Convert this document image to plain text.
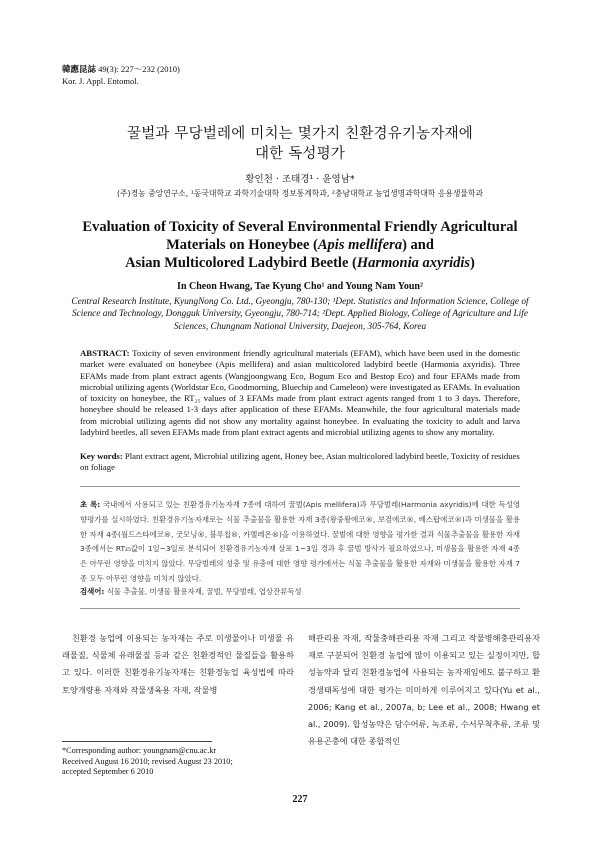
韓應昆誌 49(3): 227～232 (2010)
Kor. J. Appl. Entomol.
꿀벌과 무당벌레에 미치는 몇가지 친환경유기농자재에
대한 독성평가
황인천 · 조태경¹ · 윤영남*
(주)경농 중앙연구소, ¹동국대학교 과학기술대학 정보통계학과, ²충남대학교 농업생명과학대학 응용생물학과
Evaluation of Toxicity of Several Environmental Friendly Agricultural
Materials on Honeybee (Apis mellifera) and
Asian Multicolored Ladybird Beetle (Harmonia axyridis)
In Cheon Hwang, Tae Kyung Cho¹ and Young Nam Youn²
Central Research Institute, KyungNong Co. Ltd., Gyeongju, 780-130; ¹Dept. Statistics and Information Science, College of Science and Technology, Dongguk University, Gyeongju, 780-714; ²Dept. Applied Biology, College of Agriculture and Life Sciences, Chungnam National University, Daejeon, 305-764, Korea
ABSTRACT: Toxicity of seven environment friendly agricultural materials (EFAM), which have been used in the domestic market were evaluated on honeybee (Apis mellifera) and asian multicolored ladybird beetle (Harmonia axyridis). Three EFAMs made from plant extract agents (Wangjoongwang Eco, Bogum Eco and Bestop Eco) and four EFAMs made from microbial utilizing agents (Worldstar Eco, Goodmorning, Bluechip and Cameleon) were investigated as EFAMs. In evaluation of toxicity on honeybee, the RT₂₅ values of 3 EFAMs made from plant extract agents ranged from 1 to 3 days. Therefore, honeybee should be released 1-3 days after application of these EFAMs. Meanwhile, the four agricultural materials made from microbial utilizing agents did not show any mortality against honeybee. In evaluating the toxicity to adult and larva ladybird beetles, all seven EFAMs made from plant extract agents and microbial utilizing agents to show any mortality.
Key words: Plant extract agent, Microbial utilizing agent, Honey bee, Asian multicolored ladybird beetle, Toxicity of residues on foliage
초 록: 국내에서 사용되고 있는 친환경유기농자재 7종에 대하여 꿀벌(Apis mellifera)과 무당벌레(Harmonia axyridis)에 대한 독성영향평가를 실시하였다. 친환경유기농자재로는 식물 추출물을 활용한 자재 3종(왕중왕에코®, 보검에코®, 베스탑에코®)과 미생물을 활용한 자재 4종(월드스타에코®, 굿모닝®, 블루칩®, 카멜레온®)을 이용하였다. 꿀벌에 대한 영향을 평가한 결과 식물추출물을 활용한 자재 3종에서는 RT₂₅값이 1일~3일로 분석되어 친환경유기농자재 살포 1~3일 경과 후 꿀벌 방사가 필요하였으나, 미생물을 활용한 자재 4종은 아무런 영향을 미치지 않았다. 무당벌레의 성충 및 유충에 대한 영향 평가에서는 식물 추출물을 활용한 자재와 미생물을 활용한 자재 7종 모두 아무런 영향을 미치지 않았다.
검색어: 식물 추출물, 미생물 활용자재, 꿀벌, 무당벌레, 엽상잔류독성
친환경 농업에 이용되는 농자재는 주로 미생물이나 미생물 유래물질, 식물체 유래물질 등과 같은 친환경적인 물질들을 활용하고 있다. 이러한 친환경유기농자재는 친환경농업 육성법에 따라 토양개량용 자재와 작물생육용 자재, 작물병
해관리용 자재, 작물충해관리용 자재 그리고 작물병해충관리용자재로 구분되어 친환경 농업에 많이 이용되고 있는 실정이지만, 합성농약과 달리 친환경농업에 사용되는 농자재임에도 불구하고 환경생태독성에 대한 평가는 미미하게 이루어지고 있다(Yu et al., 2006; Kang et al., 2007a, b; Lee et al., 2008; Hwang et al., 2009). 합성농약은 담수어류, 녹조류, 수서무척추류, 조류 및 유용곤충에 대한 종합적인
*Corresponding author: youngnam@cnu.ac.kr
Received August 16 2010; revised August 23 2010;
accepted September 6 2010
227
